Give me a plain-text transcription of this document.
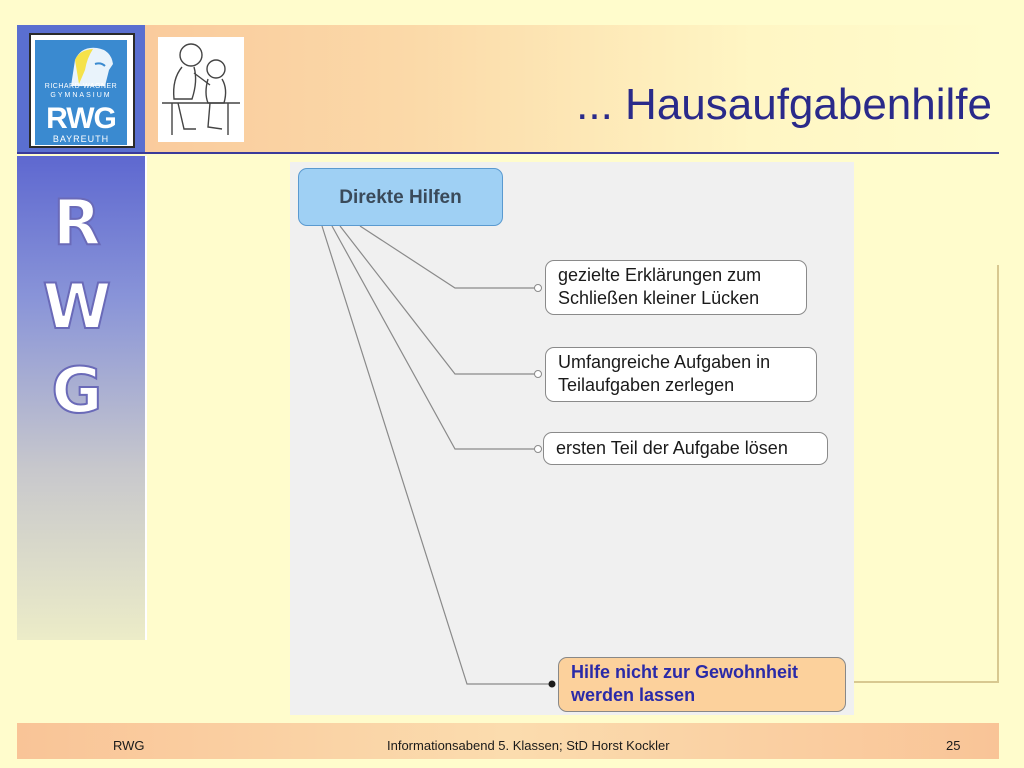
RICHARD-WAGNER
GYMNASIUM
RWG
BAYREUTH
... Hausaufgabenhilfe
R
W
G
Direkte Hilfen
gezielte Erklärungen zum Schließen kleiner Lücken
Umfangreiche Aufgaben in Teilaufgaben zerlegen
ersten Teil der Aufgabe lösen
Hilfe nicht zur Gewohnheit werden lassen
RWG	Informationsabend 5. Klassen; StD Horst Kockler	25
